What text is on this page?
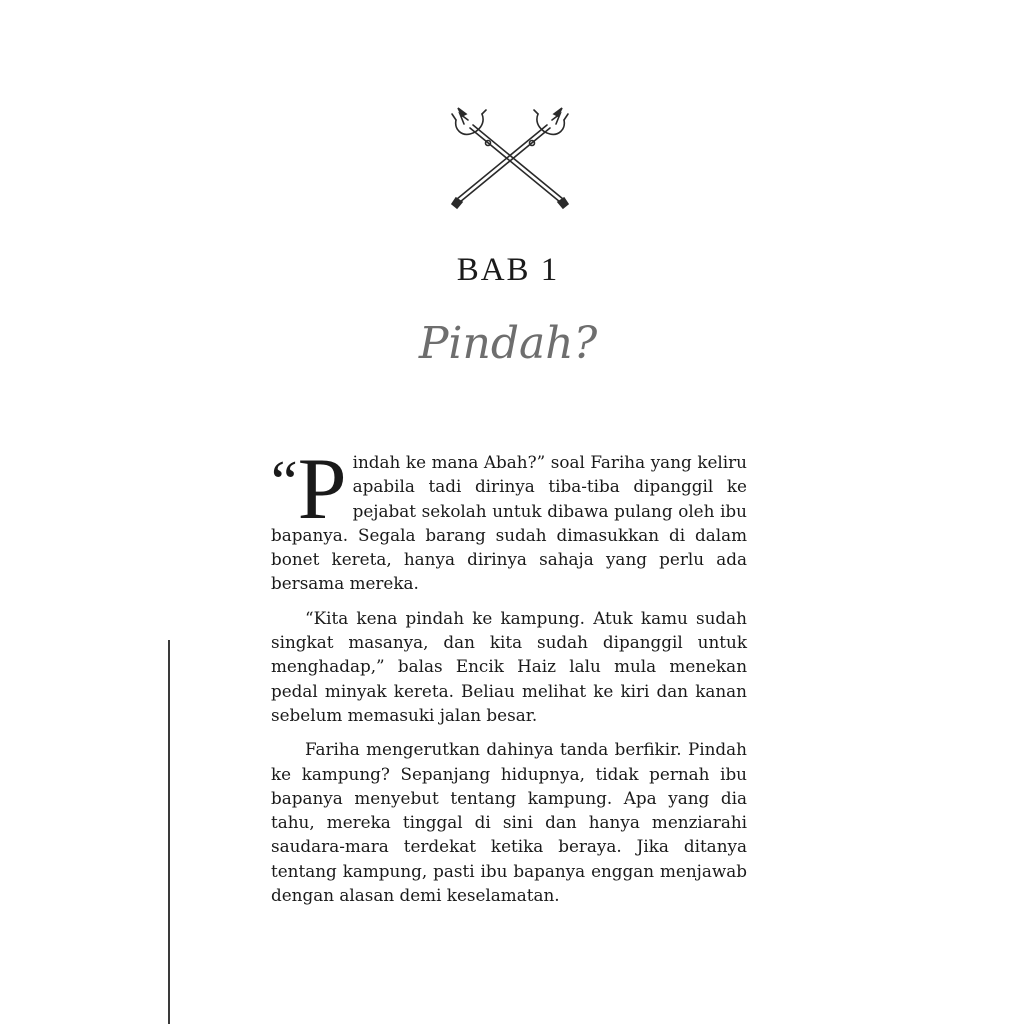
BAB 1
Pindah?

“P indah ke mana Abah?” soal Fariha yang keliru apabila tadi dirinya tiba-tiba dipanggil ke pejabat sekolah untuk dibawa pulang oleh ibu bapanya. Segala barang sudah dimasukkan di dalam bonet kereta, hanya dirinya sahaja yang perlu ada bersama mereka.

“Kita kena pindah ke kampung. Atuk kamu sudah singkat masanya, dan kita sudah dipanggil untuk menghadap,” balas Encik Haiz lalu mula menekan pedal minyak kereta. Beliau melihat ke kiri dan kanan sebelum memasuki jalan besar.

Fariha mengerutkan dahinya tanda berfikir. Pindah ke kampung? Sepanjang hidupnya, tidak pernah ibu bapanya menyebut tentang kampung. Apa yang dia tahu, mereka tinggal di sini dan hanya menziarahi saudara-mara terdekat ketika beraya. Jika ditanya tentang kampung, pasti ibu bapanya enggan menjawab dengan alasan demi keselamatan.
